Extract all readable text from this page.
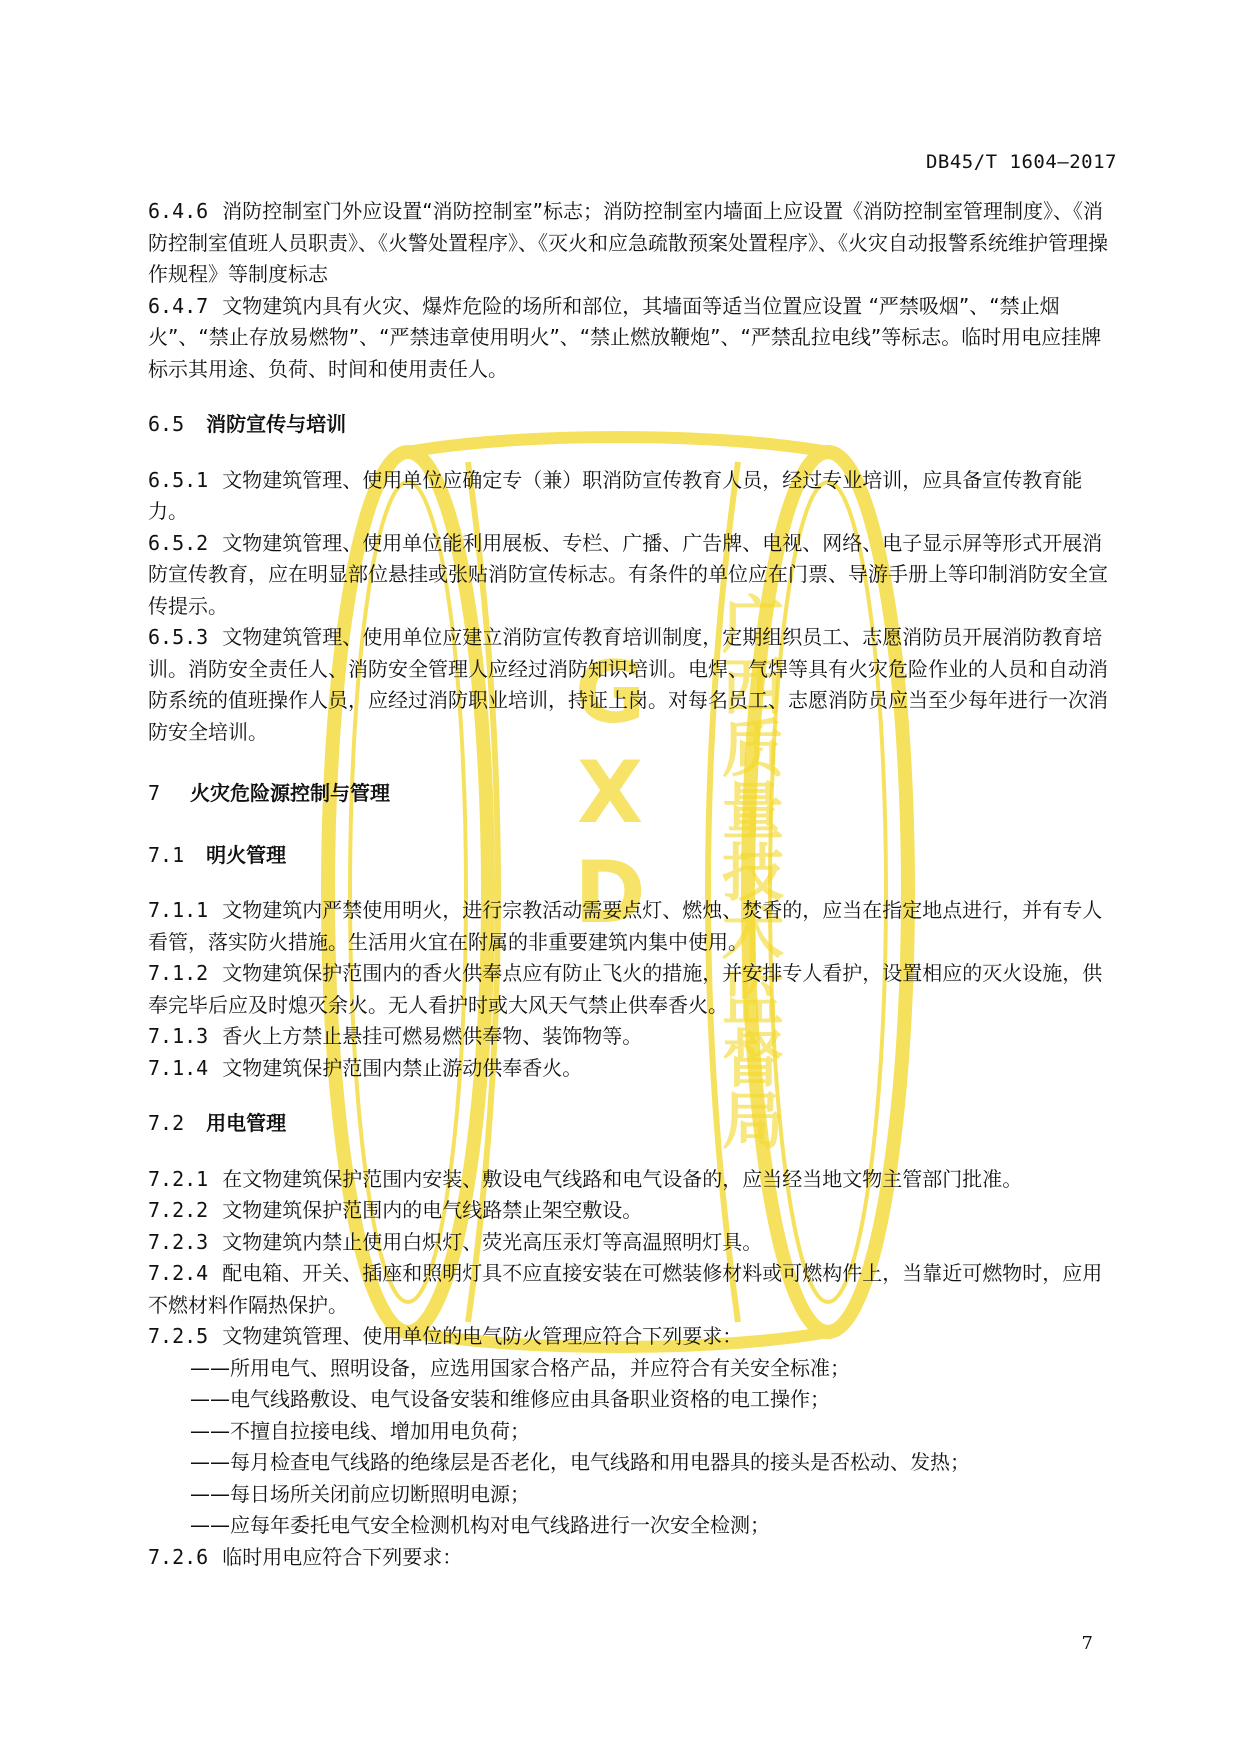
DB45/T 1604—2017
G
X
D 广西质量技术监督局

6.4.6 消防控制室门外应设置“消防控制室”标志；消防控制室内墙面上应设置《消防控制室管理制度》、《消防控制室值班人员职责》、《火警处置程序》、《灭火和应急疏散预案处置程序》、《火灾自动报警系统维护管理操作规程》等制度标志

6.4.7 文物建筑内具有火灾、爆炸危险的场所和部位，其墙面等适当位置应设置 “严禁吸烟”、“禁止烟火”、“禁止存放易燃物”、“严禁违章使用明火”、“禁止燃放鞭炮”、“严禁乱拉电线”等标志。临时用电应挂牌标示其用途、负荷、时间和使用责任人。

6.5 消防宣传与培训

6.5.1 文物建筑管理、使用单位应确定专（兼）职消防宣传教育人员，经过专业培训，应具备宣传教育能力。

6.5.2 文物建筑管理、使用单位能利用展板、专栏、广播、广告牌、电视、网络、电子显示屏等形式开展消防宣传教育，应在明显部位悬挂或张贴消防宣传标志。有条件的单位应在门票、导游手册上等印制消防安全宣传提示。

6.5.3 文物建筑管理、使用单位应建立消防宣传教育培训制度，定期组织员工、志愿消防员开展消防教育培训。消防安全责任人、消防安全管理人应经过消防知识培训。电焊、气焊等具有火灾危险作业的人员和自动消防系统的值班操作人员，应经过消防职业培训，持证上岗。对每名员工、志愿消防员应当至少每年进行一次消防安全培训。

7 火灾危险源控制与管理

7.1 明火管理

7.1.1 文物建筑内严禁使用明火，进行宗教活动需要点灯、燃烛、焚香的，应当在指定地点进行，并有专人看管，落实防火措施。生活用火宜在附属的非重要建筑内集中使用。

7.1.2 文物建筑保护范围内的香火供奉点应有防止飞火的措施，并安排专人看护，设置相应的灭火设施，供奉完毕后应及时熄灭余火。无人看护时或大风天气禁止供奉香火。

7.1.3 香火上方禁止悬挂可燃易燃供奉物、装饰物等。

7.1.4 文物建筑保护范围内禁止游动供奉香火。

7.2 用电管理

7.2.1 在文物建筑保护范围内安装、敷设电气线路和电气设备的，应当经当地文物主管部门批准。

7.2.2 文物建筑保护范围内的电气线路禁止架空敷设。

7.2.3 文物建筑内禁止使用白炽灯、荧光高压汞灯等高温照明灯具。

7.2.4 配电箱、开关、插座和照明灯具不应直接安装在可燃装修材料或可燃构件上，当靠近可燃物时，应用不燃材料作隔热保护。

7.2.5 文物建筑管理、使用单位的电气防火管理应符合下列要求：

——所用电气、照明设备，应选用国家合格产品，并应符合有关安全标准；

——电气线路敷设、电气设备安装和维修应由具备职业资格的电工操作；

——不擅自拉接电线、增加用电负荷；

——每月检查电气线路的绝缘层是否老化，电气线路和用电器具的接头是否松动、发热；

——每日场所关闭前应切断照明电源；

——应每年委托电气安全检测机构对电气线路进行一次安全检测；

7.2.6 临时用电应符合下列要求：

7
